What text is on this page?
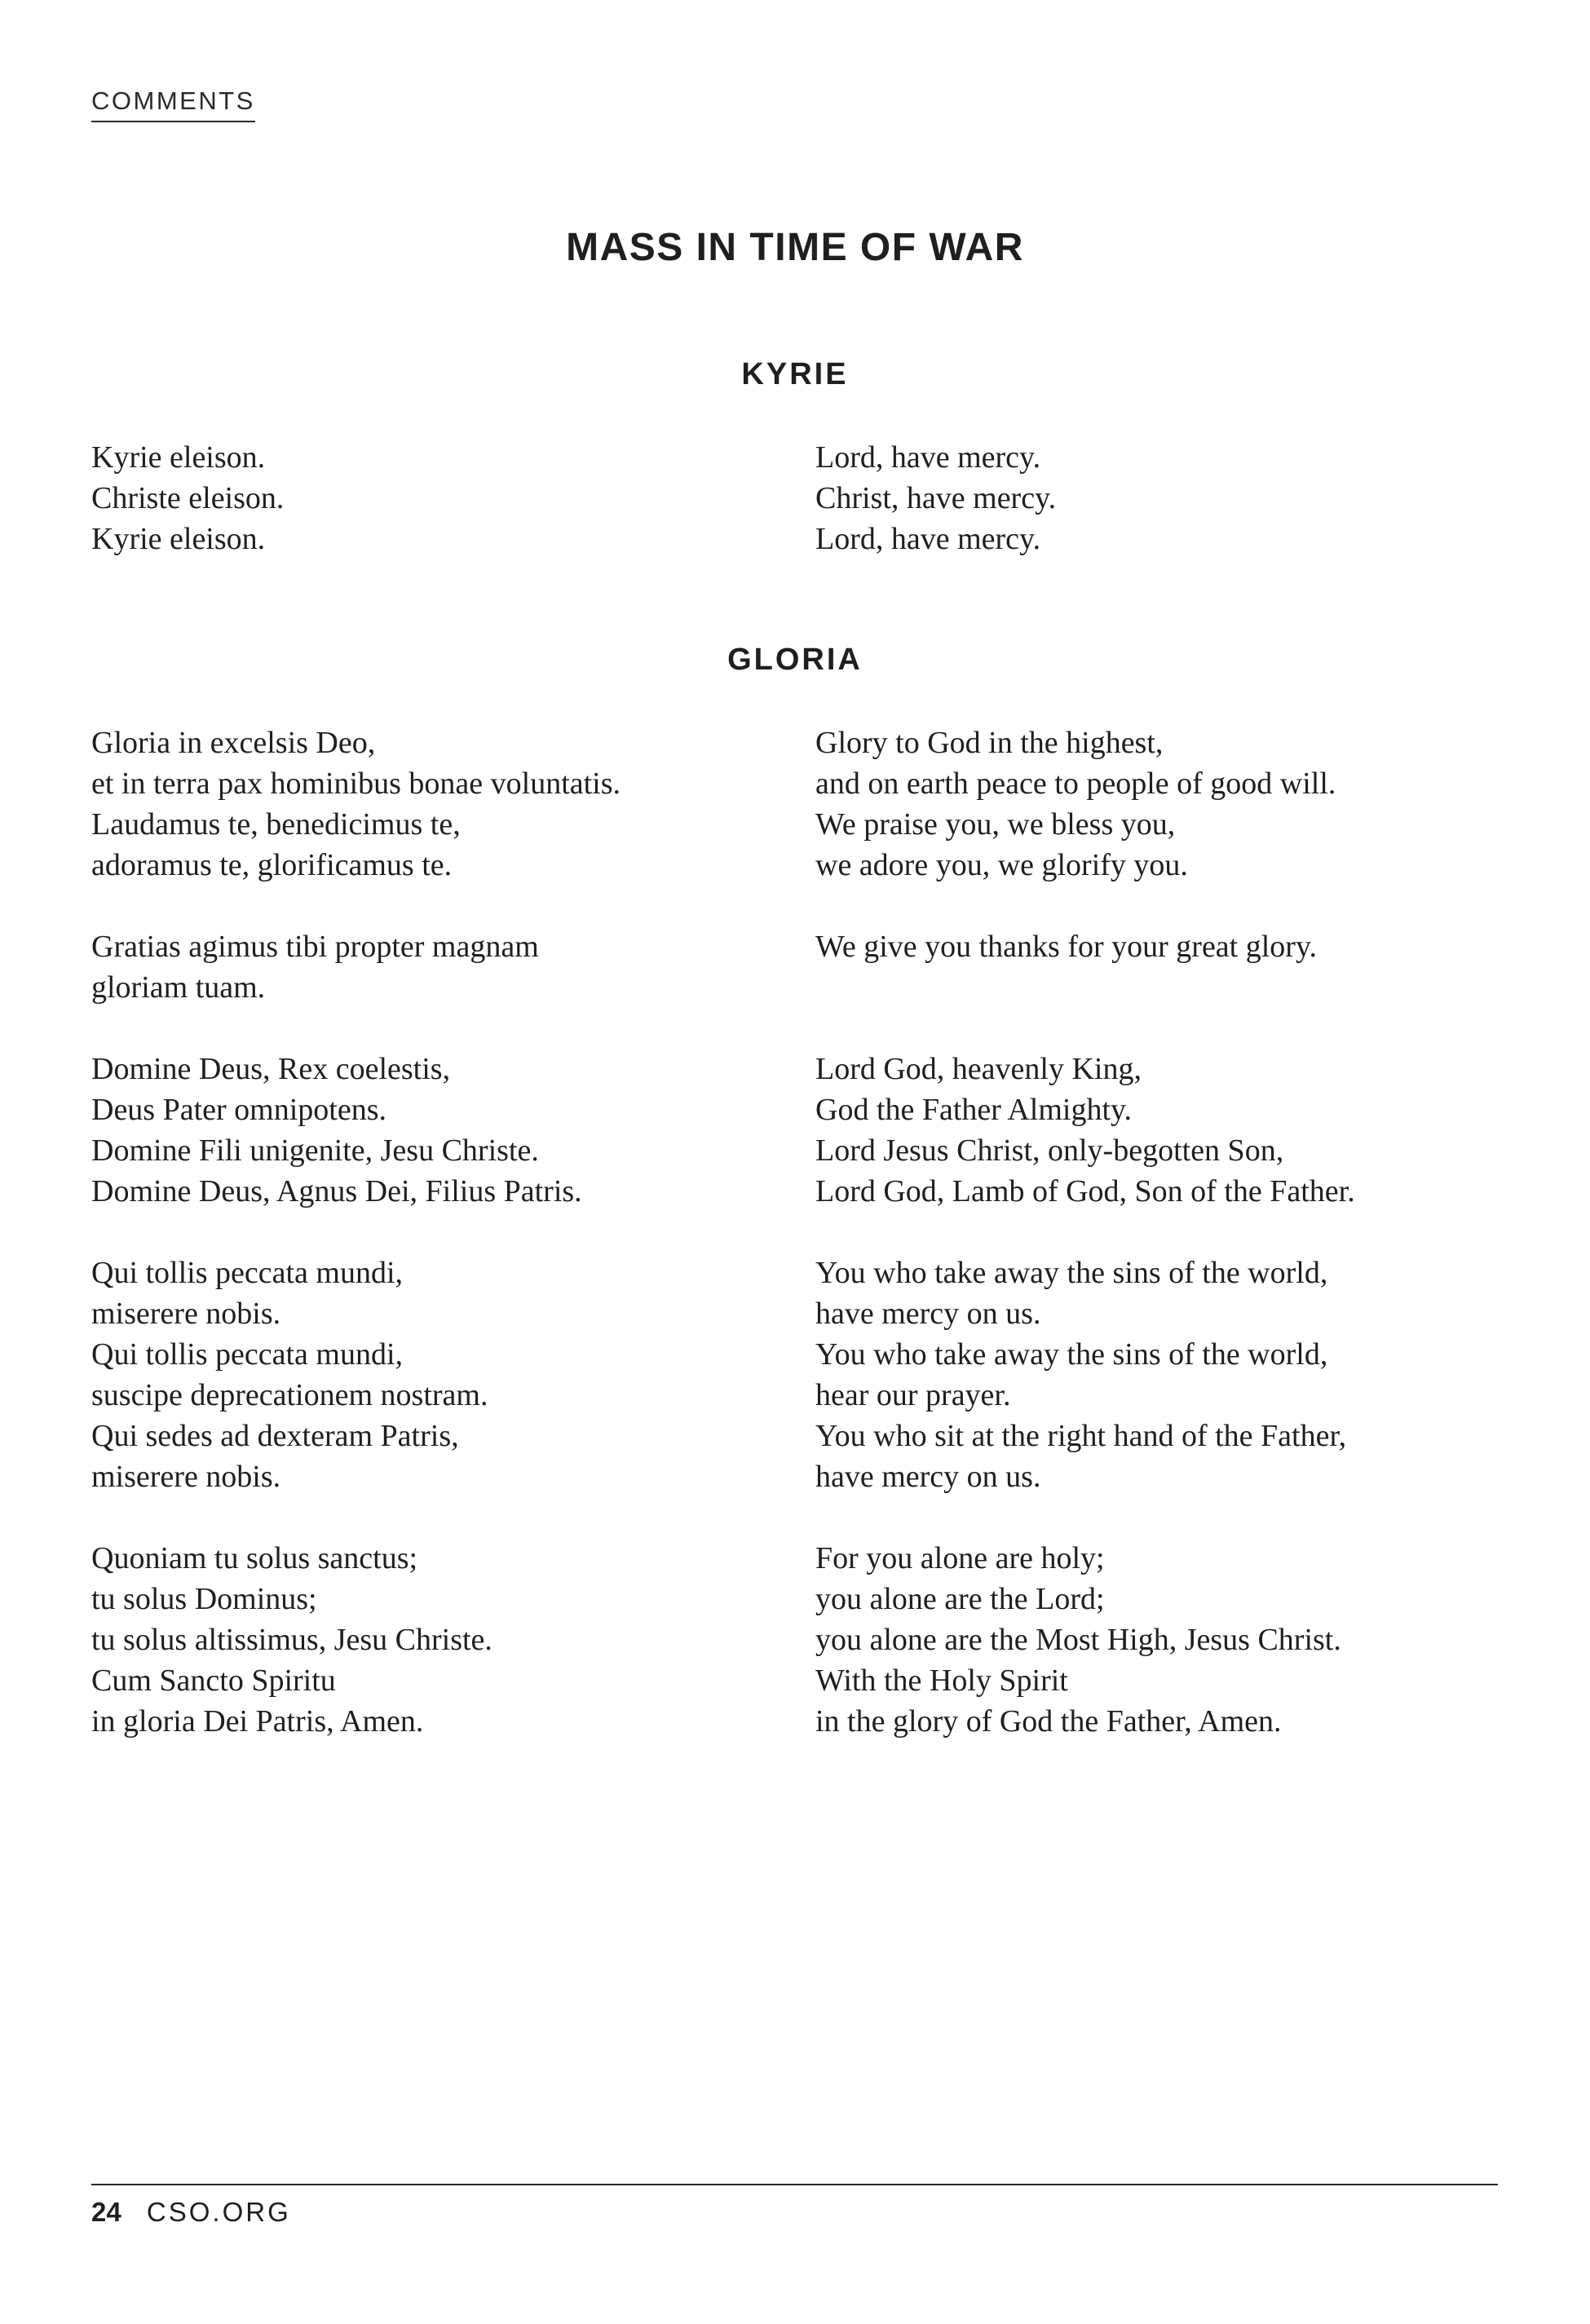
COMMENTS
MASS IN TIME OF WAR
KYRIE
Kyrie eleison.
Christe eleison.
Kyrie eleison.
Lord, have mercy.
Christ, have mercy.
Lord, have mercy.
GLORIA
Gloria in excelsis Deo,
et in terra pax hominibus bonae voluntatis.
Laudamus te, benedicimus te,
adoramus te, glorificamus te.
Gratias agimus tibi propter magnam
gloriam tuam.
Domine Deus, Rex coelestis,
Deus Pater omnipotens.
Domine Fili unigenite, Jesu Christe.
Domine Deus, Agnus Dei, Filius Patris.
Qui tollis peccata mundi,
miserere nobis.
Qui tollis peccata mundi,
suscipe deprecationem nostram.
Qui sedes ad dexteram Patris,
miserere nobis.
Quoniam tu solus sanctus;
tu solus Dominus;
tu solus altissimus, Jesu Christe.
Cum Sancto Spiritu
in gloria Dei Patris, Amen.
Glory to God in the highest,
and on earth peace to people of good will.
We praise you, we bless you,
we adore you, we glorify you.
We give you thanks for your great glory.
Lord God, heavenly King,
God the Father Almighty.
Lord Jesus Christ, only-begotten Son,
Lord God, Lamb of God, Son of the Father.
You who take away the sins of the world,
have mercy on us.
You who take away the sins of the world,
hear our prayer.
You who sit at the right hand of the Father,
have mercy on us.
For you alone are holy;
you alone are the Lord;
you alone are the Most High, Jesus Christ.
With the Holy Spirit
in the glory of God the Father, Amen.
24 CSO.ORG
